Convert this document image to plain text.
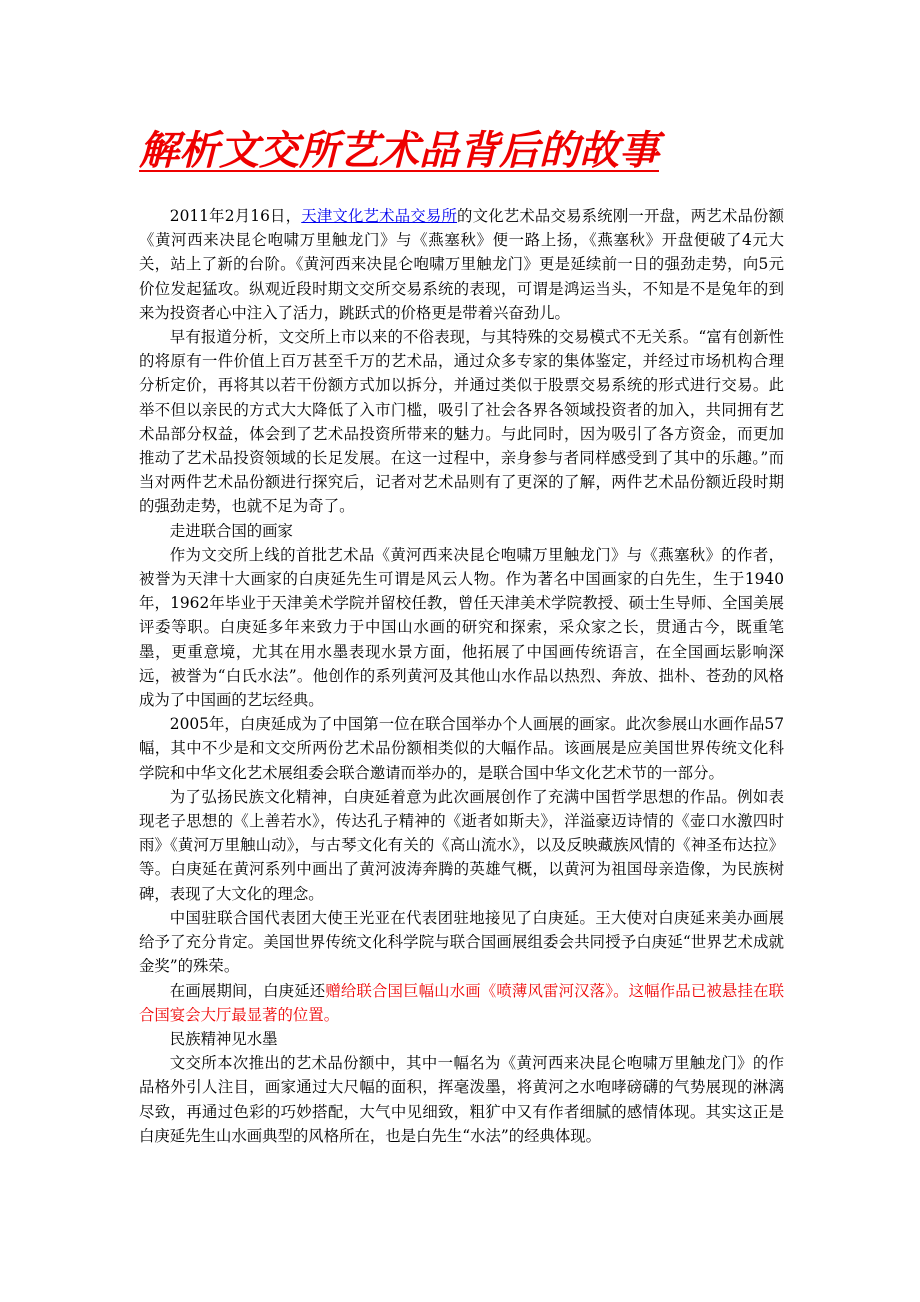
解析文交所艺术品背后的故事

2011年2月16日，天津文化艺术品交易所的文化艺术品交易系统刚一开盘，两艺术品份额《黄河西来决昆仑咆啸万里触龙门》与《燕塞秋》便一路上扬，《燕塞秋》开盘便破了4元大关，站上了新的台阶。《黄河西来决昆仑咆啸万里触龙门》更是延续前一日的强劲走势，向5元价位发起猛攻。纵观近段时期文交所交易系统的表现，可谓是鸿运当头，不知是不是兔年的到来为投资者心中注入了活力，跳跃式的价格更是带着兴奋劲儿。

早有报道分析，文交所上市以来的不俗表现，与其特殊的交易模式不无关系。“富有创新性的将原有一件价值上百万甚至千万的艺术品，通过众多专家的集体鉴定，并经过市场机构合理分析定价，再将其以若干份额方式加以拆分，并通过类似于股票交易系统的形式进行交易。此举不但以亲民的方式大大降低了入市门槛，吸引了社会各界各领域投资者的加入，共同拥有艺术品部分权益，体会到了艺术品投资所带来的魅力。与此同时，因为吸引了各方资金，而更加推动了艺术品投资领域的长足发展。在这一过程中，亲身参与者同样感受到了其中的乐趣。”而当对两件艺术品份额进行探究后，记者对艺术品则有了更深的了解，两件艺术品份额近段时期的强劲走势，也就不足为奇了。

走进联合国的画家

作为文交所上线的首批艺术品《黄河西来决昆仑咆啸万里触龙门》与《燕塞秋》的作者，被誉为天津十大画家的白庚延先生可谓是风云人物。作为著名中国画家的白先生，生于1940年，1962年毕业于天津美术学院并留校任教，曾任天津美术学院教授、硕士生导师、全国美展评委等职。白庚延多年来致力于中国山水画的研究和探索，采众家之长，贯通古今，既重笔墨，更重意境，尤其在用水墨表现水景方面，他拓展了中国画传统语言，在全国画坛影响深远，被誉为“白氏水法”。他创作的系列黄河及其他山水作品以热烈、奔放、拙朴、苍劲的风格成为了中国画的艺坛经典。

2005年，白庚延成为了中国第一位在联合国举办个人画展的画家。此次参展山水画作品57幅，其中不少是和文交所两份艺术品份额相类似的大幅作品。该画展是应美国世界传统文化科学院和中华文化艺术展组委会联合邀请而举办的，是联合国中华文化艺术节的一部分。

为了弘扬民族文化精神，白庚延着意为此次画展创作了充满中国哲学思想的作品。例如表现老子思想的《上善若水》，传达孔子精神的《逝者如斯夫》，洋溢豪迈诗情的《壶口水激四时雨》《黄河万里触山动》，与古琴文化有关的《高山流水》，以及反映藏族风情的《神圣布达拉》等。白庚延在黄河系列中画出了黄河波涛奔腾的英雄气概，以黄河为祖国母亲造像，为民族树碑，表现了大文化的理念。

中国驻联合国代表团大使王光亚在代表团驻地接见了白庚延。王大使对白庚延来美办画展给予了充分肯定。美国世界传统文化科学院与联合国画展组委会共同授予白庚延“世界艺术成就金奖”的殊荣。

在画展期间，白庚延还赠给联合国巨幅山水画《喷薄风雷河汉落》。这幅作品已被悬挂在联合国宴会大厅最显著的位置。

民族精神见水墨

文交所本次推出的艺术品份额中，其中一幅名为《黄河西来决昆仑咆啸万里触龙门》的作品格外引人注目，画家通过大尺幅的面积，挥毫泼墨，将黄河之水咆哮磅礴的气势展现的淋漓尽致，再通过色彩的巧妙搭配，大气中见细致，粗犷中又有作者细腻的感情体现。其实这正是白庚延先生山水画典型的风格所在，也是白先生“水法”的经典体现。
